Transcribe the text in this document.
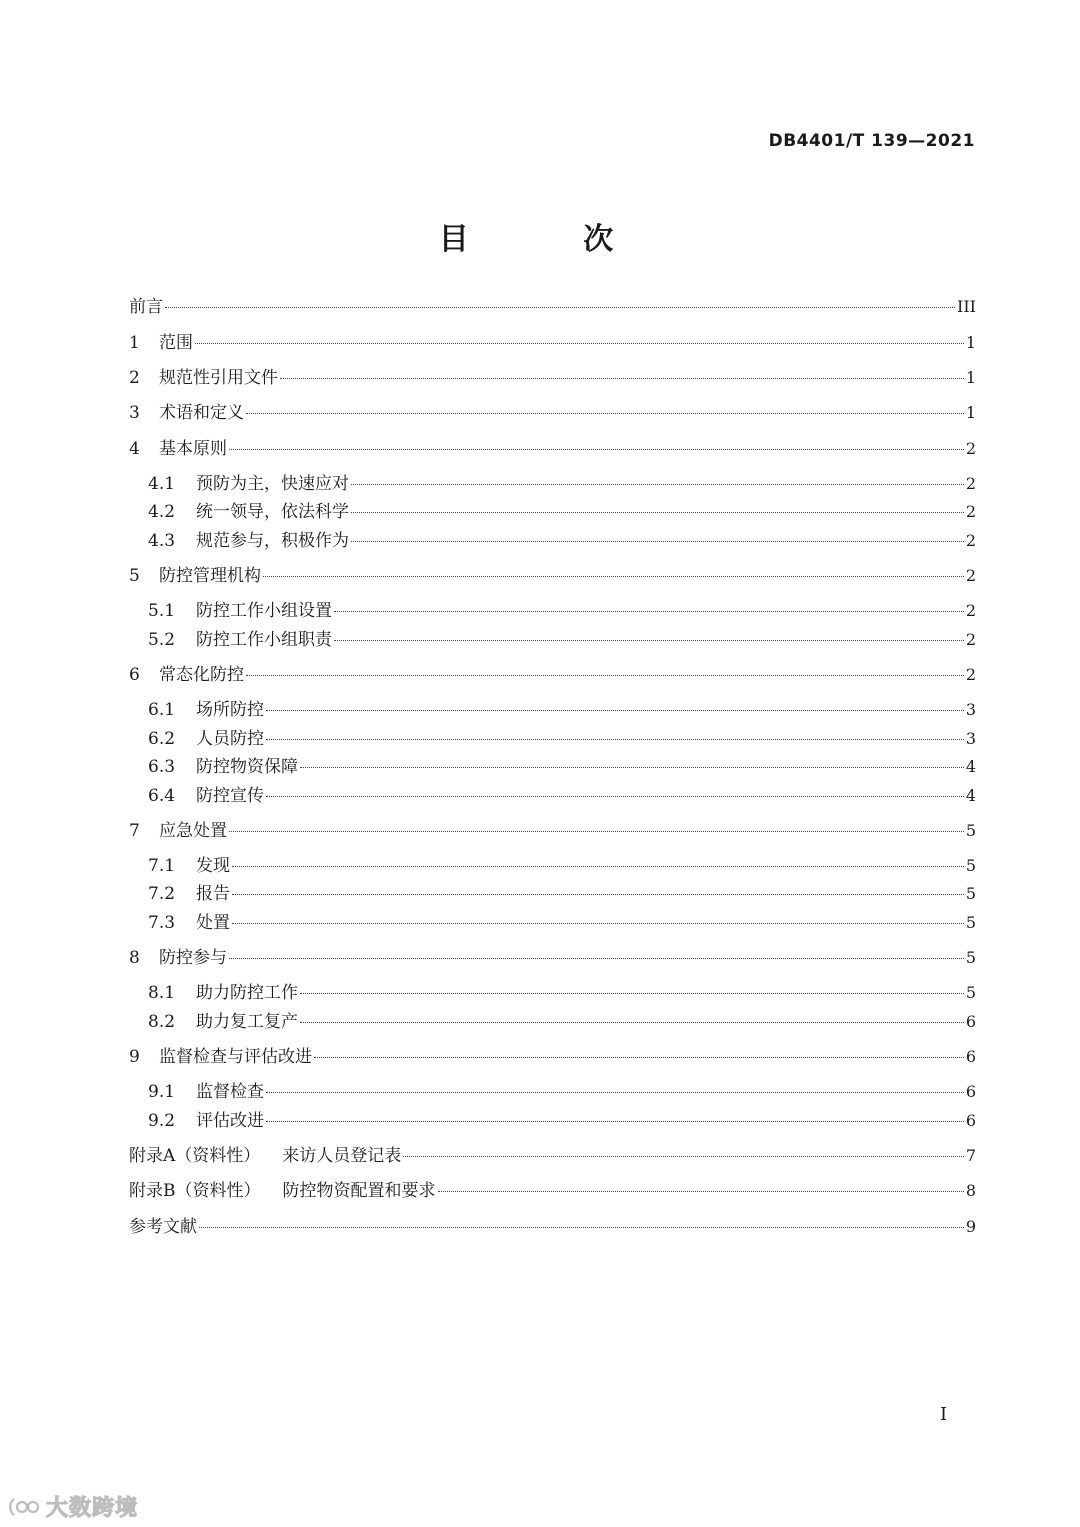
DB4401/T 139—2021
目 次
前言	III
1	范围	1
2	规范性引用文件	1
3	术语和定义	1
4	基本原则	2
4.1	预防为主，快速应对	2
4.2	统一领导，依法科学	2
4.3	规范参与，积极作为	2
5	防控管理机构	2
5.1	防控工作小组设置	2
5.2	防控工作小组职责	2
6	常态化防控	2
6.1	场所防控	3
6.2	人员防控	3
6.3	防控物资保障	4
6.4	防控宣传	4
7	应急处置	5
7.1	发现	5
7.2	报告	5
7.3	处置	5
8	防控参与	5
8.1	助力防控工作	5
8.2	助力复工复产	6
9	监督检查与评估改进	6
9.1	监督检查	6
9.2	评估改进	6
附录A（资料性） 来访人员登记表	7
附录B（资料性） 防控物资配置和要求	8
参考文献	9
I
大数跨境
